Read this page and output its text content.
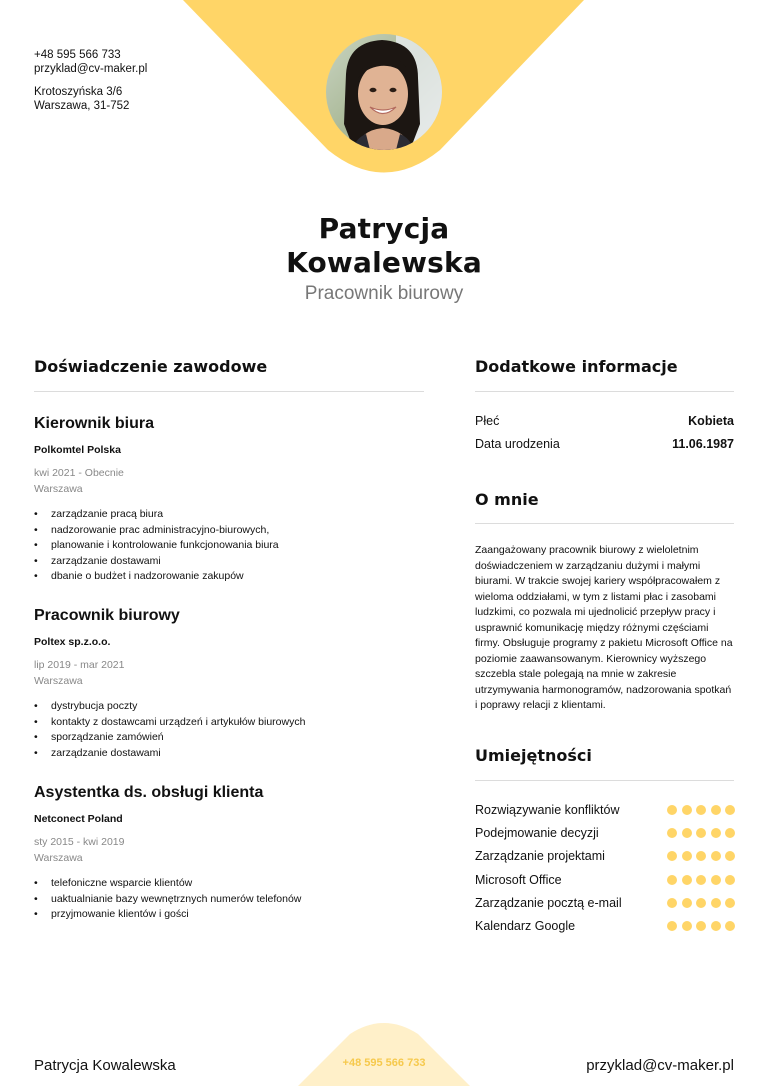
+48 595 566 733
przyklad@cv-maker.pl
Krotoszyńska 3/6
Warszawa, 31-752
Patrycja
Kowalewska
Pracownik biurowy
Doświadczenie zawodowe
Kierownik biura
Polkomtel Polska
kwi 2021 - Obecnie
Warszawa
• zarządzanie pracą biura
• nadzorowanie prac administracyjno-biurowych,
• planowanie i kontrolowanie funkcjonowania biura
• zarządzanie dostawami
• dbanie o budżet i nadzorowanie zakupów
Pracownik biurowy
Poltex sp.z.o.o.
lip 2019 - mar 2021
Warszawa
• dystrybucja poczty
• kontakty z dostawcami urządzeń i artykułów biurowych
• sporządzanie zamówień
• zarządzanie dostawami
Asystentka ds. obsługi klienta
Netconect Poland
sty 2015 - kwi 2019
Warszawa
• telefoniczne wsparcie klientów
• uaktualnianie bazy wewnętrznych numerów telefonów
• przyjmowanie klientów i gości
Dodatkowe informacje
Płeć	Kobieta
Data urodzenia	11.06.1987
O mnie
Zaangażowany pracownik biurowy z wieloletnim doświadczeniem w zarządzaniu dużymi i małymi biurami. W trakcie swojej kariery współpracowałem z wieloma oddziałami, w tym z listami płac i zasobami ludzkimi, co pozwala mi ujednolicić przepływ pracy i usprawnić komunikację między różnymi częściami firmy. Obsługuje programy z pakietu Microsoft Office na poziomie zaawansowanym. Kierownicy wyższego szczebla stale polegają na mnie w zakresie utrzymywania harmonogramów, nadzorowania spotkań i poprawy relacji z klientami.
Umiejętności
Rozwiązywanie konfliktów
Podejmowanie decyzji
Zarządzanie projektami
Microsoft Office
Zarządzanie pocztą e-mail
Kalendarz Google
Patrycja Kowalewska	+48 595 566 733	przyklad@cv-maker.pl
